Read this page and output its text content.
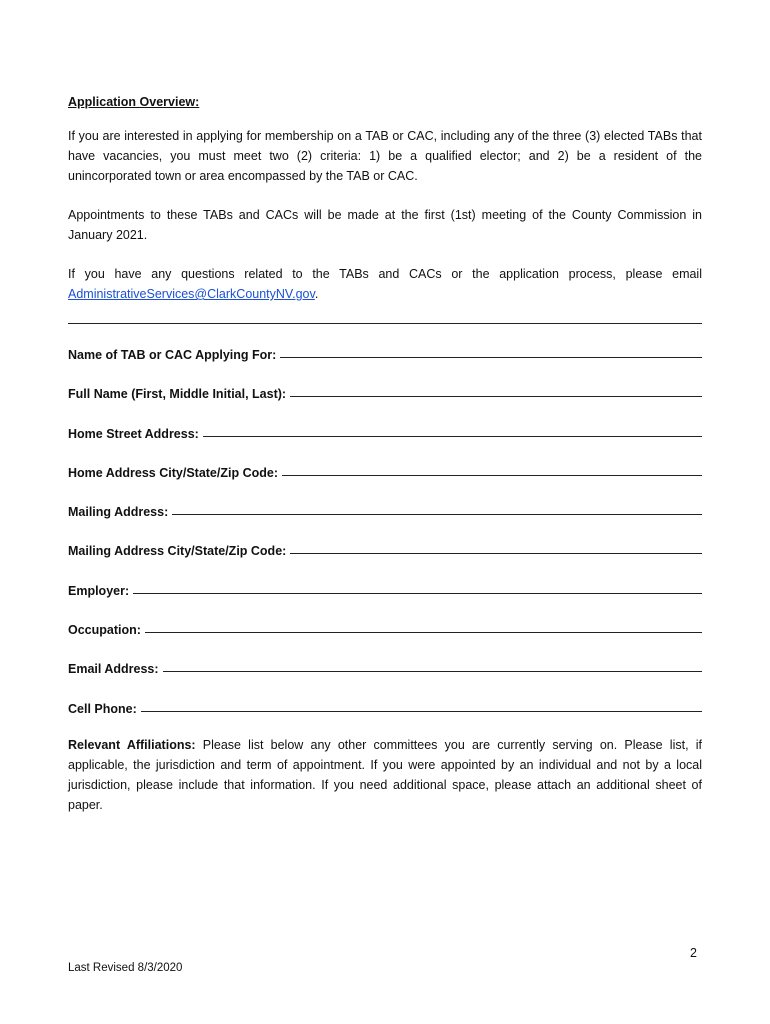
Application Overview:

If you are interested in applying for membership on a TAB or CAC, including any of the three (3) elected TABs that have vacancies, you must meet two (2) criteria: 1) be a qualified elector; and 2) be a resident of the unincorporated town or area encompassed by the TAB or CAC.

Appointments to these TABs and CACs will be made at the first (1st) meeting of the County Commission in January 2021.

If you have any questions related to the TABs and CACs or the application process, please email AdministrativeServices@ClarkCountyNV.gov.

Name of TAB or CAC Applying For:
Full Name (First, Middle Initial, Last):
Home Street Address:
Home Address City/State/Zip Code:
Mailing Address:
Mailing Address City/State/Zip Code:
Employer:
Occupation:
Email Address:
Cell Phone:

Relevant Affiliations: Please list below any other committees you are currently serving on. Please list, if applicable, the jurisdiction and term of appointment. If you were appointed by an individual and not by a local jurisdiction, please include that information. If you need additional space, please attach an additional sheet of paper.

2
Last Revised 8/3/2020
